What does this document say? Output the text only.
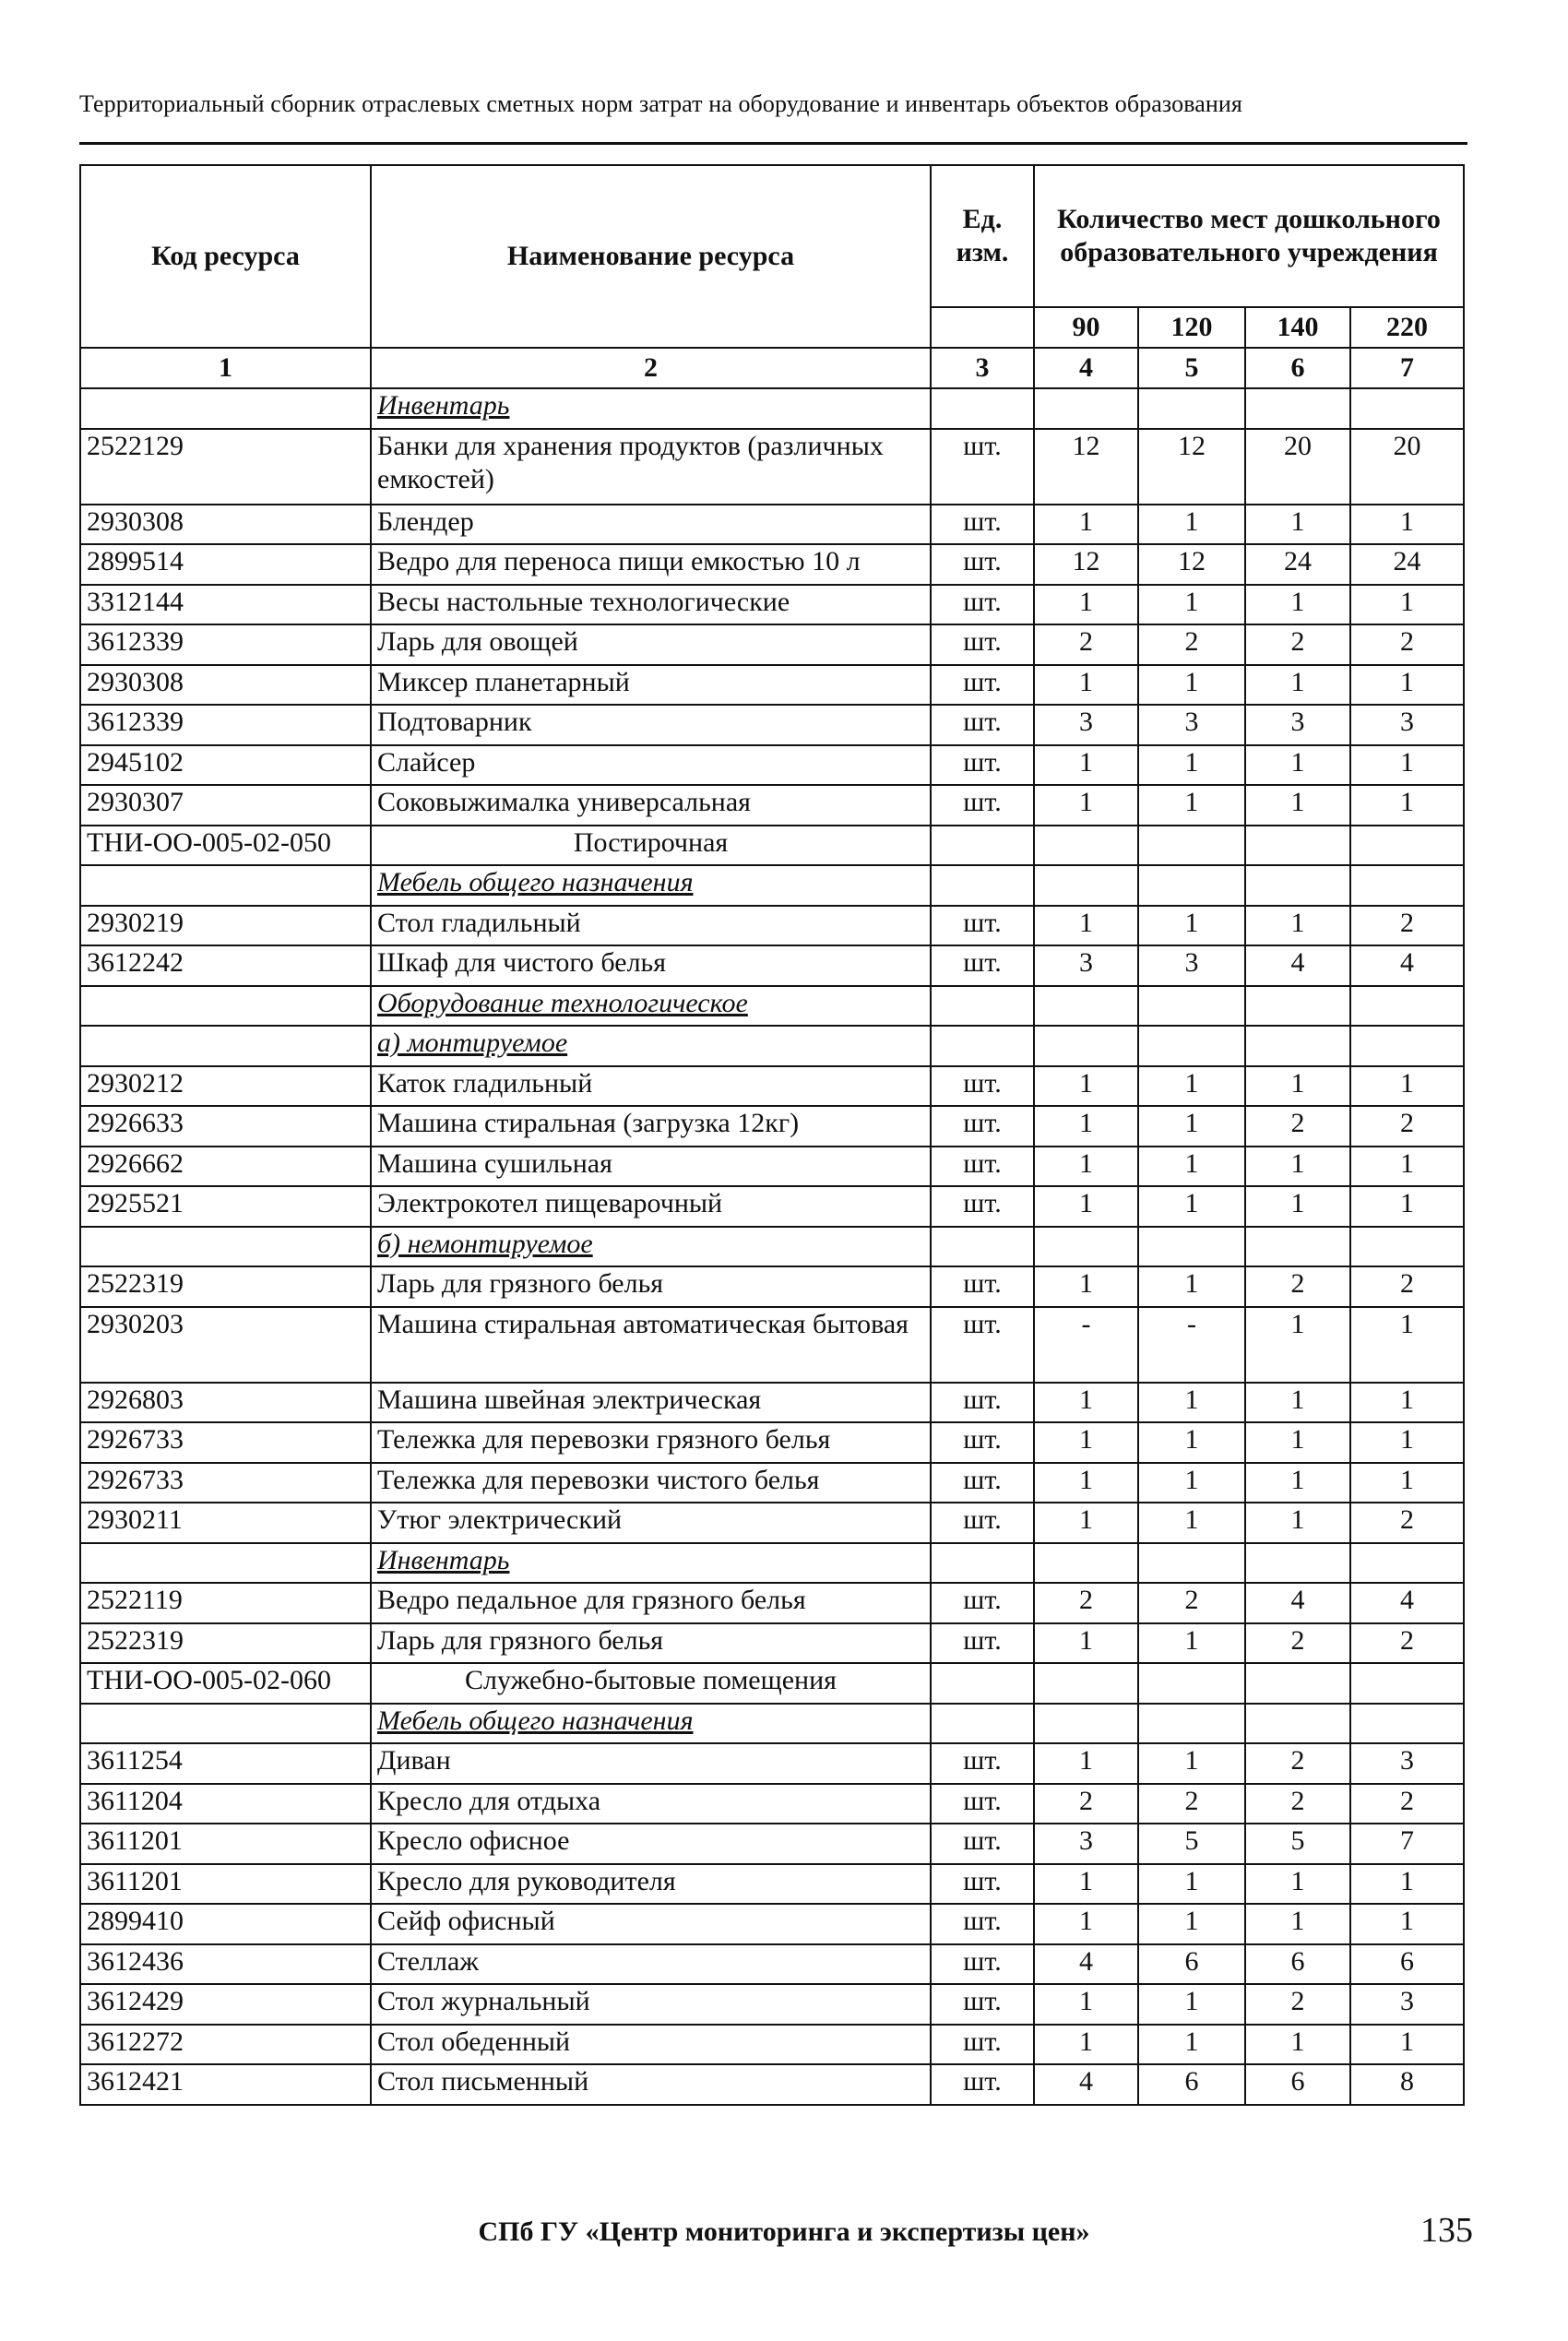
Территориальный сборник отраслевых сметных норм затрат на оборудование и инвентарь объектов образования
Код ресурса	Наименование ресурса	Ед. изм.	Количество мест дошкольного образовательного учреждения			
			90	120	140	220
1	2	3	4	5	6	7
	Инвентарь					
2522129	Банки для хранения продуктов (различных емкостей)	шт.	12	12	20	20
2930308	Блендер	шт.	1	1	1	1
2899514	Ведро для переноса пищи емкостью 10 л	шт.	12	12	24	24
3312144	Весы настольные технологические	шт.	1	1	1	1
3612339	Ларь для овощей	шт.	2	2	2	2
2930308	Миксер планетарный	шт.	1	1	1	1
3612339	Подтоварник	шт.	3	3	3	3
2945102	Слайсер	шт.	1	1	1	1
2930307	Соковыжималка универсальная	шт.	1	1	1	1
ТНИ-ОО-005-02-050	Постирочная					
	Мебель общего назначения					
2930219	Стол гладильный	шт.	1	1	1	2
3612242	Шкаф для чистого белья	шт.	3	3	4	4
	Оборудование технологическое					
	а) монтируемое					
2930212	Каток гладильный	шт.	1	1	1	1
2926633	Машина стиральная (загрузка 12кг)	шт.	1	1	2	2
2926662	Машина сушильная	шт.	1	1	1	1
2925521	Электрокотел пищеварочный	шт.	1	1	1	1
	б) немонтируемое					
2522319	Ларь для грязного белья	шт.	1	1	2	2
2930203	Машина стиральная автоматическая бытовая	шт.	-	-	1	1
2926803	Машина швейная электрическая	шт.	1	1	1	1
2926733	Тележка для перевозки грязного белья	шт.	1	1	1	1
2926733	Тележка для перевозки чистого белья	шт.	1	1	1	1
2930211	Утюг электрический	шт.	1	1	1	2
	Инвентарь					
2522119	Ведро педальное для грязного белья	шт.	2	2	4	4
2522319	Ларь для грязного белья	шт.	1	1	2	2
ТНИ-ОО-005-02-060	Служебно-бытовые помещения					
	Мебель общего назначения					
3611254	Диван	шт.	1	1	2	3
3611204	Кресло для отдыха	шт.	2	2	2	2
3611201	Кресло офисное	шт.	3	5	5	7
3611201	Кресло для руководителя	шт.	1	1	1	1
2899410	Сейф офисный	шт.	1	1	1	1
3612436	Стеллаж	шт.	4	6	6	6
3612429	Стол журнальный	шт.	1	1	2	3
3612272	Стол обеденный	шт.	1	1	1	1
3612421	Стол письменный	шт.	4	6	6	8
СПб ГУ «Центр мониторинга и экспертизы цен»	135
